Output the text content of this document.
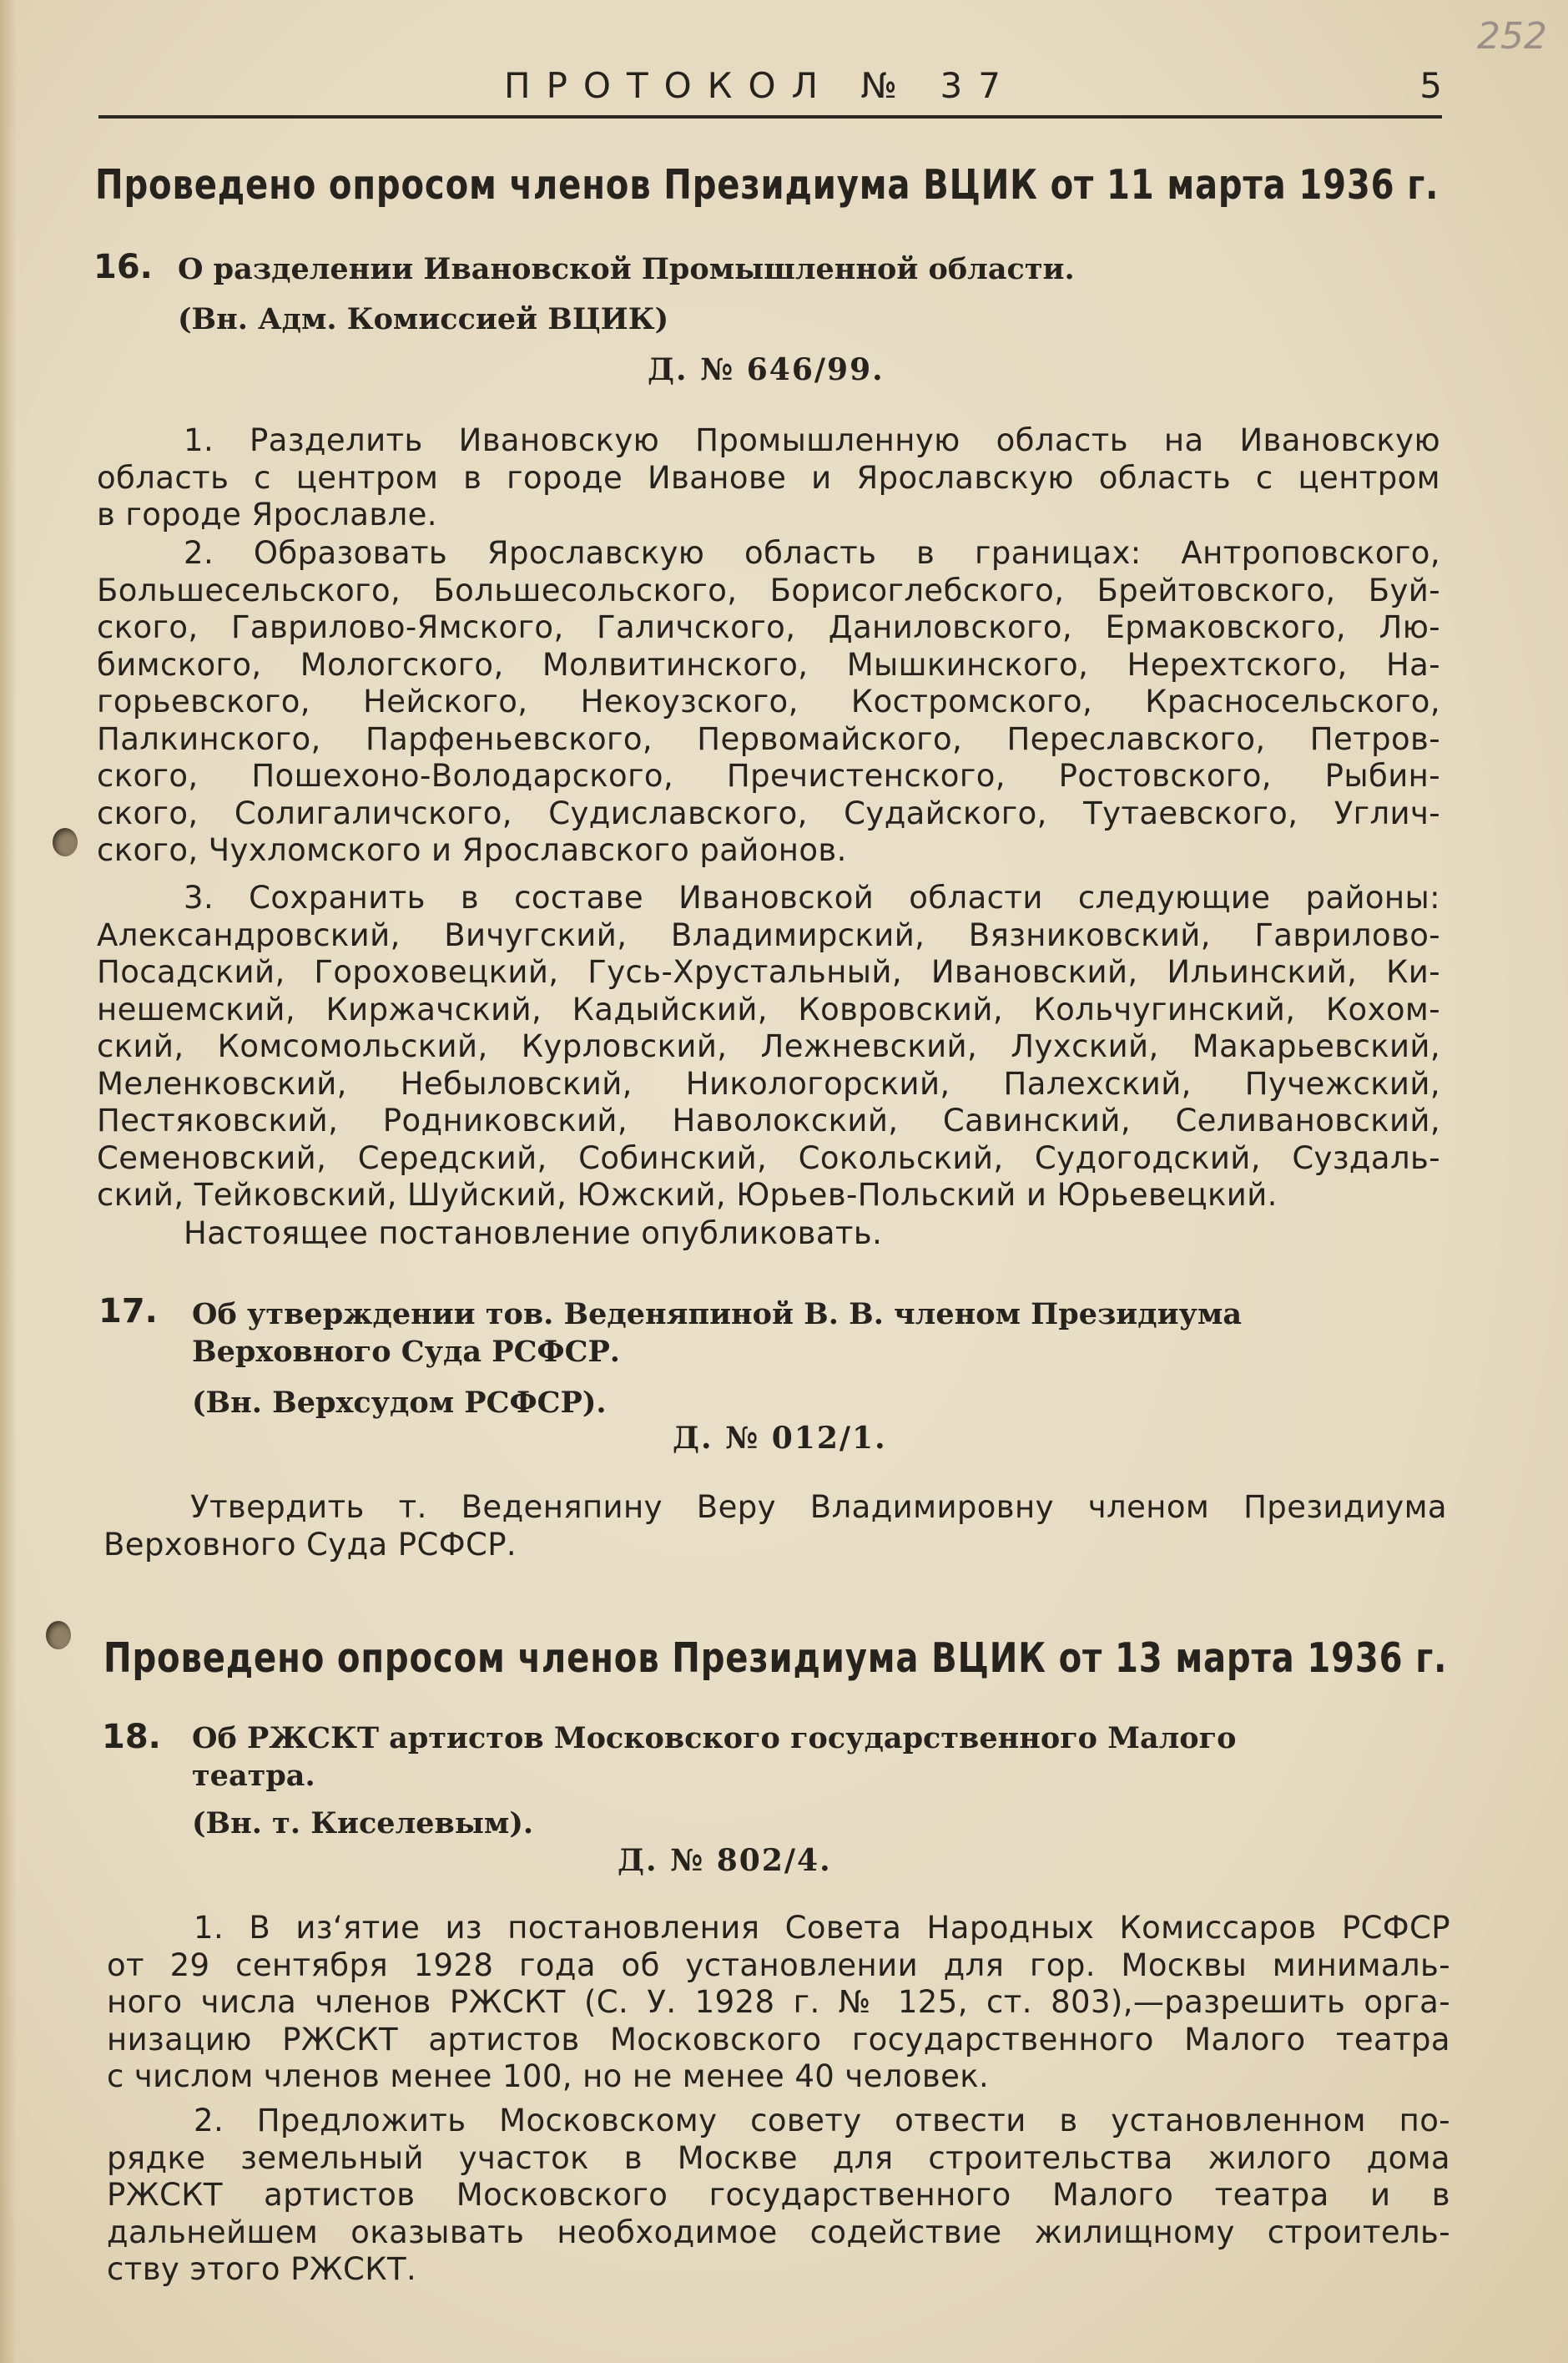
252
ПРОТОКОЛ № 37	5
Проведено опросом членов Президиума ВЦИК от 11 марта 1936 г.
16. О разделении Ивановской Промышленной области.
(Вн. Адм. Комиссией ВЦИК)
Д. № 646/99.
1. Разделить Ивановскую Промышленную область на Ивановскую
область с центром в городе Иванове и Ярославскую область с центром
в городе Ярославле.
2. Образовать Ярославскую область в границах: Антроповского,
Большесельского, Большесольского, Борисоглебского, Брейтовского, Буй-
ского, Гаврилово-Ямского, Галичского, Даниловского, Ермаковского, Лю-
бимского, Мологского, Молвитинского, Мышкинского, Нерехтского, На-
горьевского, Нейского, Некоузского, Костромского, Красносельского,
Палкинского, Парфеньевского, Первомайского, Переславского, Петров-
ского, Пошехоно-Володарского, Пречистенского, Ростовского, Рыбин-
ского, Солигаличского, Судиславского, Судайского, Тутаевского, Углич-
ского, Чухломского и Ярославского районов.
3. Сохранить в составе Ивановской области следующие районы:
Александровский, Вичугский, Владимирский, Вязниковский, Гаврилово-
Посадский, Гороховецкий, Гусь-Хрустальный, Ивановский, Ильинский, Ки-
нешемский, Киржачский, Кадыйский, Ковровский, Кольчугинский, Кохом-
ский, Комсомольский, Курловский, Лежневский, Лухский, Макарьевский,
Меленковский, Небыловский, Никологорский, Палехский, Пучежский,
Пестяковский, Родниковский, Наволокский, Савинский, Селивановский,
Семеновский, Середский, Собинский, Сокольский, Судогодский, Суздаль-
ский, Тейковский, Шуйский, Южский, Юрьев-Польский и Юрьевецкий.
Настоящее постановление опубликовать.
17. Об утверждении тов. Веденяпиной В. В. членом Президиума
Верховного Суда РСФСР.
(Вн. Верхсудом РСФСР).
Д. № 012/1.
Утвердить т. Веденяпину Веру Владимировну членом Президиума
Верховного Суда РСФСР.
Проведено опросом членов Президиума ВЦИК от 13 марта 1936 г.
18. Об РЖСКТ артистов Московского государственного Малого
театра.
(Вн. т. Киселевым).
Д. № 802/4.
1. В из‘ятие из постановления Совета Народных Комиссаров РСФСР
от 29 сентября 1928 года об установлении для гор. Москвы минималь-
ного числа членов РЖСКТ (С. У. 1928 г. № 125, ст. 803),—разрешить орга-
низацию РЖСКТ артистов Московского государственного Малого театра
с числом членов менее 100, но не менее 40 человек.
2. Предложить Московскому совету отвести в установленном по-
рядке земельный участок в Москве для строительства жилого дома
РЖСКТ артистов Московского государственного Малого театра и в
дальнейшем оказывать необходимое содействие жилищному строитель-
ству этого РЖСКТ.
